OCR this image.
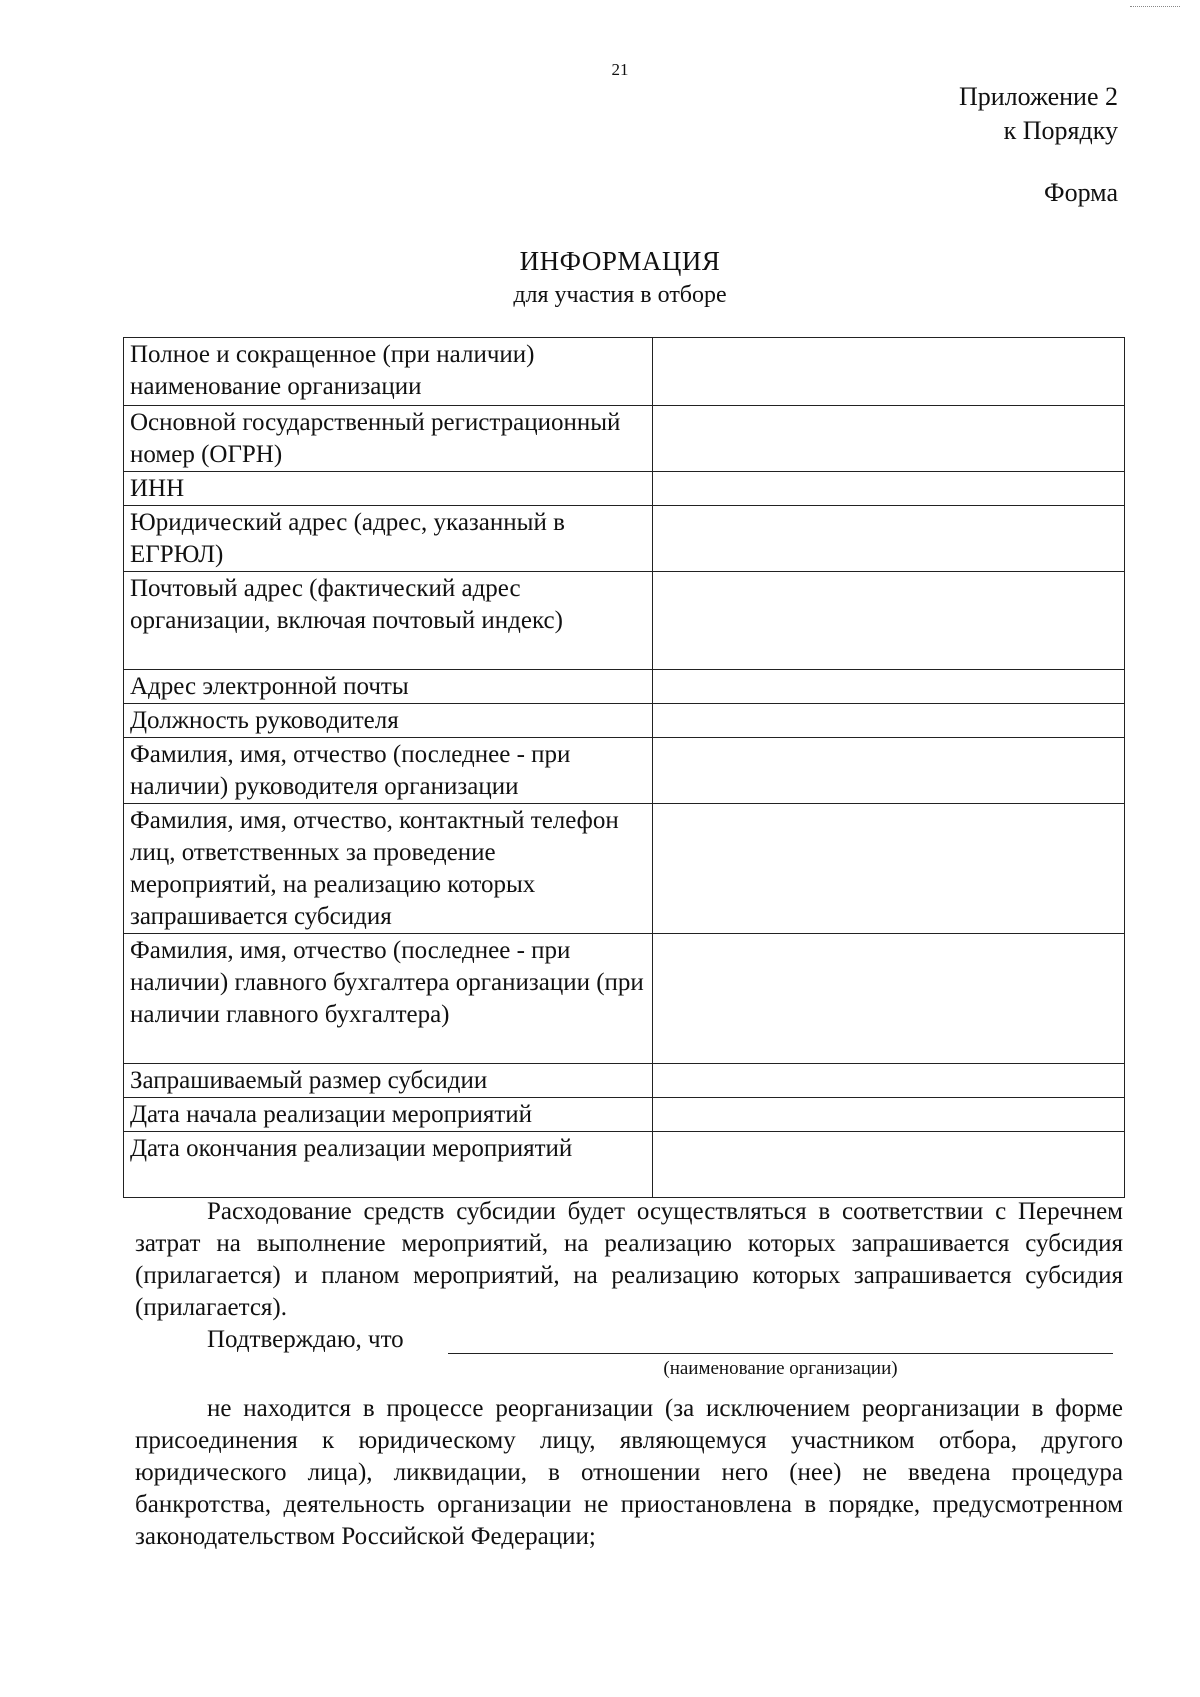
21
Приложение 2
к Порядку
Форма
ИНФОРМАЦИЯ
для участия в отборе
Полное и сокращенное (при наличии) наименование организации	
Основной государственный регистрационный номер (ОГРН)	
ИНН	
Юридический адрес (адрес, указанный в ЕГРЮЛ)	
Почтовый адрес (фактический адрес организации, включая почтовый индекс)	
Адрес электронной почты	
Должность руководителя	
Фамилия, имя, отчество (последнее - при наличии) руководителя организации	
Фамилия, имя, отчество, контактный телефон лиц, ответственных за проведение мероприятий, на реализацию которых запрашивается субсидия	
Фамилия, имя, отчество (последнее - при наличии) главного бухгалтера организации (при наличии главного бухгалтера)	
Запрашиваемый размер субсидии	
Дата начала реализации мероприятий	
Дата окончания реализации мероприятий	
Расходование средств субсидии будет осуществляться в соответствии с Перечнем затрат на выполнение мероприятий, на реализацию которых запрашивается субсидия (прилагается) и планом мероприятий, на реализацию которых запрашивается субсидия (прилагается).
Подтверждаю, что
(наименование организации)
не находится в процессе реорганизации (за исключением реорганизации в форме присоединения к юридическому лицу, являющемуся участником отбора, другого юридического лица), ликвидации, в отношении него (нее) не введена процедура банкротства, деятельность организации не приостановлена в порядке, предусмотренном законодательством Российской Федерации;
